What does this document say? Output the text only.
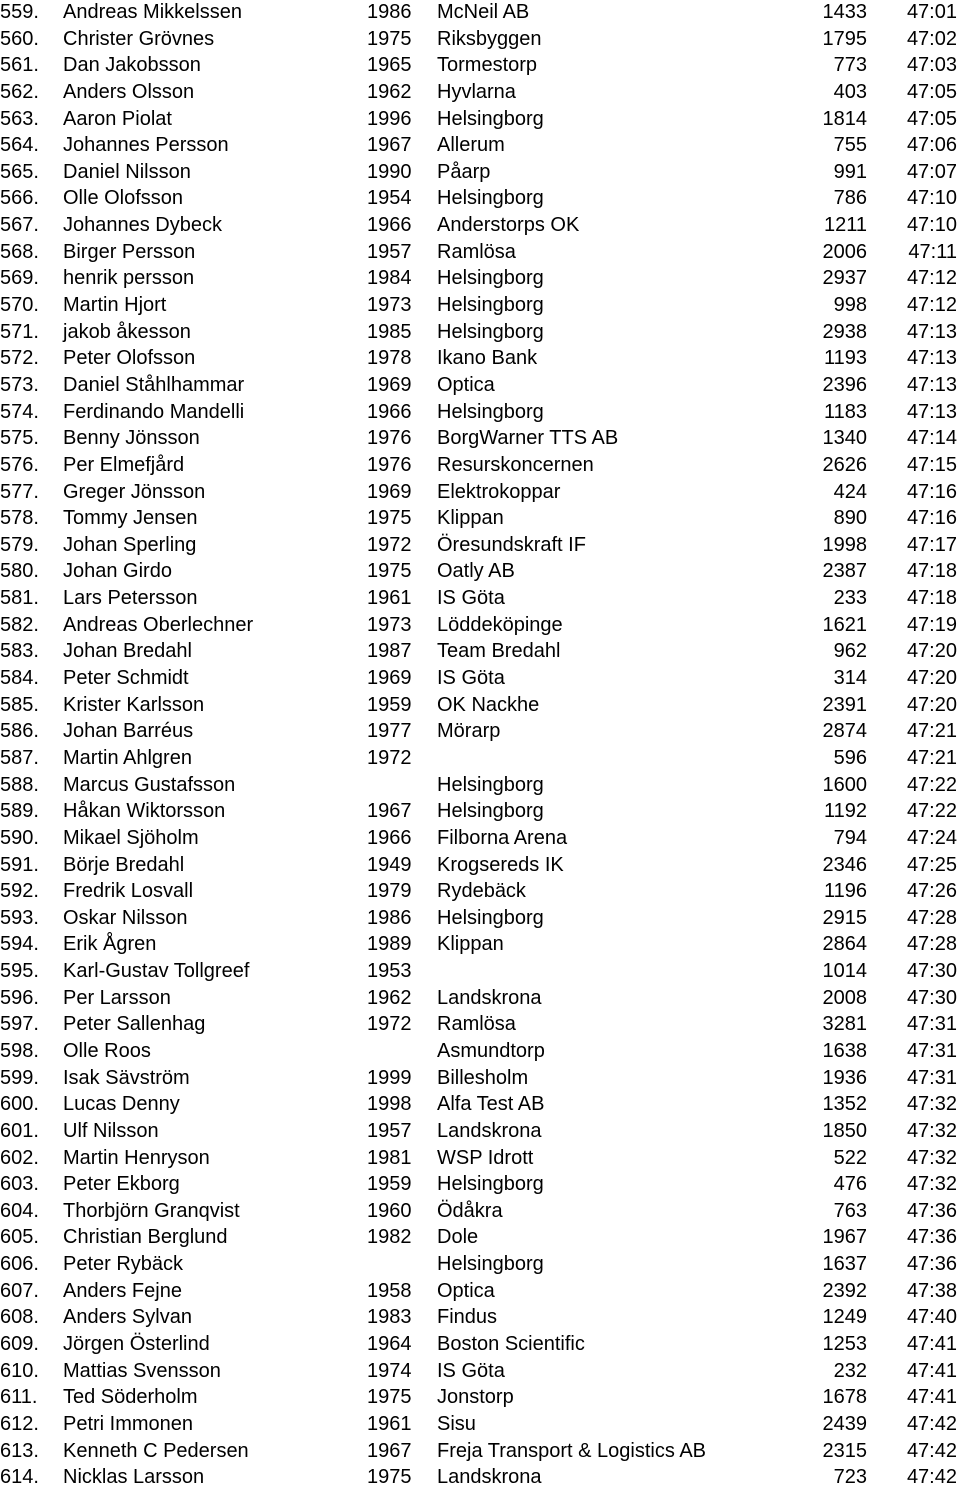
559. Andreas Mikkelssen	1986 McNeil AB	1433 47:01
560. Christer Grövnes	1975 Riksbyggen	1795 47:02
561. Dan Jakobsson	1965 Tormestorp	773 47:03
562. Anders Olsson	1962 Hyvlarna	403 47:05
563. Aaron Piolat	1996 Helsingborg	1814 47:05
564. Johannes Persson	1967 Allerum	755 47:06
565. Daniel Nilsson	1990 Påarp	991 47:07
566. Olle Olofsson	1954 Helsingborg	786 47:10
567. Johannes Dybeck	1966 Anderstorps OK	1211 47:10
568. Birger Persson	1957 Ramlösa	2006 47:11
569. henrik persson	1984 Helsingborg	2937 47:12
570. Martin Hjort	1973 Helsingborg	998 47:12
571. jakob åkesson	1985 Helsingborg	2938 47:13
572. Peter Olofsson	1978 Ikano Bank	1193 47:13
573. Daniel Ståhlhammar	1969 Optica	2396 47:13
574. Ferdinando Mandelli	1966 Helsingborg	1183 47:13
575. Benny Jönsson	1976 BorgWarner TTS AB	1340 47:14
576. Per Elmefjård	1976 Resurskoncernen	2626 47:15
577. Greger Jönsson	1969 Elektrokoppar	424 47:16
578. Tommy Jensen	1975 Klippan	890 47:16
579. Johan Sperling	1972 Öresundskraft IF	1998 47:17
580. Johan Girdo	1975 Oatly AB	2387 47:18
581. Lars Petersson	1961 IS Göta	233 47:18
582. Andreas Oberlechner	1973 Löddeköpinge	1621 47:19
583. Johan Bredahl	1987 Team Bredahl	962 47:20
584. Peter Schmidt	1969 IS Göta	314 47:20
585. Krister Karlsson	1959 OK Nackhe	2391 47:20
586. Johan Barréus	1977 Mörarp	2874 47:21
587. Martin Ahlgren	1972	596 47:21
588. Marcus Gustafsson	Helsingborg	1600 47:22
589. Håkan Wiktorsson	1967 Helsingborg	1192 47:22
590. Mikael Sjöholm	1966 Filborna Arena	794 47:24
591. Börje Bredahl	1949 Krogsereds IK	2346 47:25
592. Fredrik Losvall	1979 Rydebäck	1196 47:26
593. Oskar Nilsson	1986 Helsingborg	2915 47:28
594. Erik Ågren	1989 Klippan	2864 47:28
595. Karl-Gustav Tollgreef	1953	1014 47:30
596. Per Larsson	1962 Landskrona	2008 47:30
597. Peter Sallenhag	1972 Ramlösa	3281 47:31
598. Olle Roos	Asmundtorp	1638 47:31
599. Isak Sävström	1999 Billesholm	1936 47:31
600. Lucas Denny	1998 Alfa Test AB	1352 47:32
601. Ulf Nilsson	1957 Landskrona	1850 47:32
602. Martin Henryson	1981 WSP Idrott	522 47:32
603. Peter Ekborg	1959 Helsingborg	476 47:32
604. Thorbjörn Granqvist	1960 Ödåkra	763 47:36
605. Christian Berglund	1982 Dole	1967 47:36
606. Peter Rybäck	Helsingborg	1637 47:36
607. Anders Fejne	1958 Optica	2392 47:38
608. Anders Sylvan	1983 Findus	1249 47:40
609. Jörgen Österlind	1964 Boston Scientific	1253 47:41
610. Mattias Svensson	1974 IS Göta	232 47:41
611. Ted Söderholm	1975 Jonstorp	1678 47:41
612. Petri Immonen	1961 Sisu	2439 47:42
613. Kenneth C Pedersen	1967 Freja Transport & Logistics AB	2315 47:42
614. Nicklas Larsson	1975 Landskrona	723 47:42
